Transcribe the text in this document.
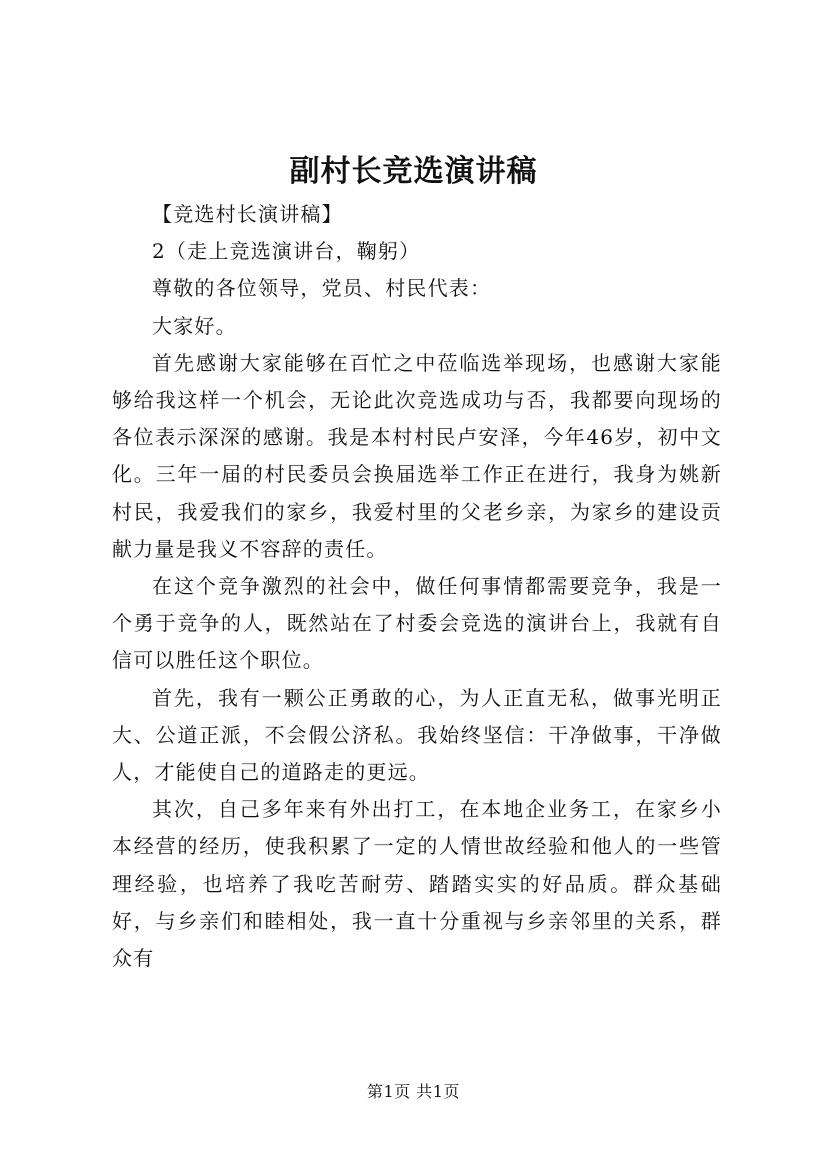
副村长竞选演讲稿

【竞选村长演讲稿】

2（走上竞选演讲台，鞠躬）

尊敬的各位领导，党员、村民代表：

大家好。

首先感谢大家能够在百忙之中莅临选举现场，也感谢大家能够给我这样一个机会，无论此次竞选成功与否，我都要向现场的各位表示深深的感谢。我是本村村民卢安泽，今年46岁，初中文化。三年一届的村民委员会换届选举工作正在进行，我身为姚新村民，我爱我们的家乡，我爱村里的父老乡亲，为家乡的建设贡献力量是我义不容辞的责任。

在这个竞争激烈的社会中，做任何事情都需要竞争，我是一个勇于竞争的人，既然站在了村委会竞选的演讲台上，我就有自信可以胜任这个职位。

首先，我有一颗公正勇敢的心，为人正直无私，做事光明正大、公道正派，不会假公济私。我始终坚信：干净做事，干净做人，才能使自己的道路走的更远。

其次，自己多年来有外出打工，在本地企业务工，在家乡小本经营的经历，使我积累了一定的人情世故经验和他人的一些管理经验，也培养了我吃苦耐劳、踏踏实实的好品质。群众基础好，与乡亲们和睦相处，我一直十分重视与乡亲邻里的关系，群众有

第1页 共1页
